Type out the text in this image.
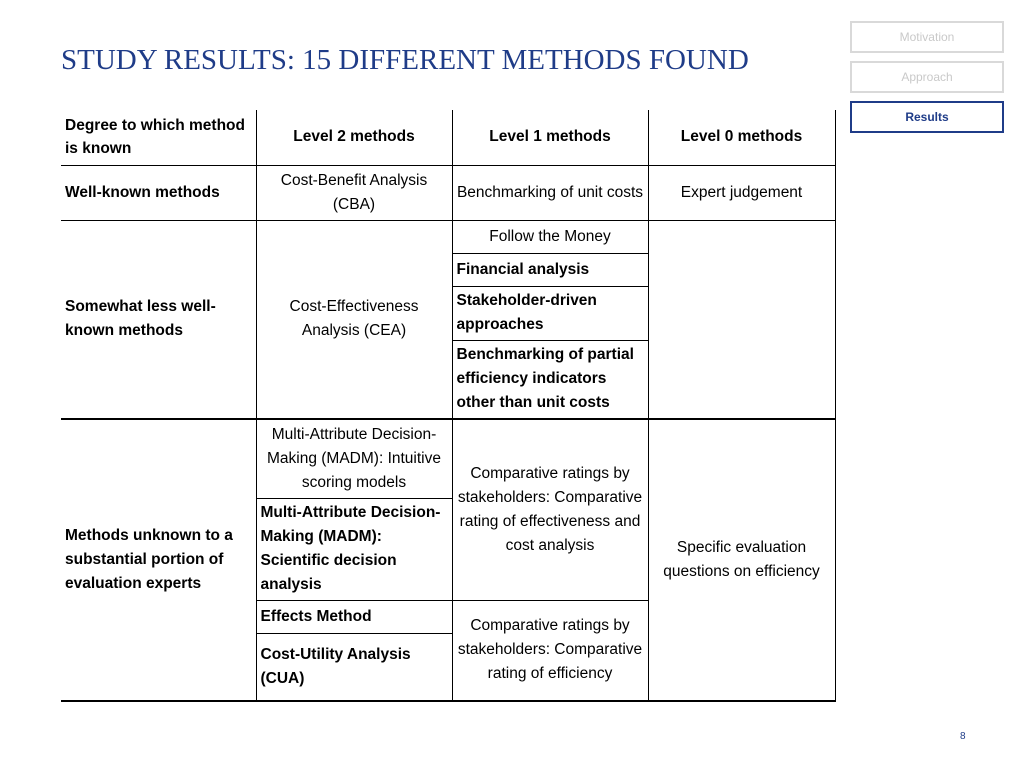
STUDY RESULTS: 15 DIFFERENT METHODS FOUND
Motivation
Approach
Results
Degree to which method is known	Level 2 methods	Level 1 methods	Level 0 methods
Well-known methods	Cost-Benefit Analysis (CBA)	Benchmarking of unit costs	Expert judgement
Somewhat less well-known methods	Cost-Effectiveness Analysis (CEA)	Follow the Money	
		Financial analysis	
		Stakeholder-driven approaches	
		Benchmarking of partial efficiency indicators other than unit costs	
Methods unknown to a substantial portion of evaluation experts	Multi-Attribute Decision-Making (MADM): Intuitive scoring models	Comparative ratings by stakeholders: Comparative rating of effectiveness and cost analysis	Specific evaluation questions on efficiency
	Multi-Attribute Decision-Making (MADM): Scientific decision analysis		
	Effects Method	Comparative ratings by stakeholders: Comparative rating of efficiency	
	Cost-Utility Analysis (CUA)		
8
